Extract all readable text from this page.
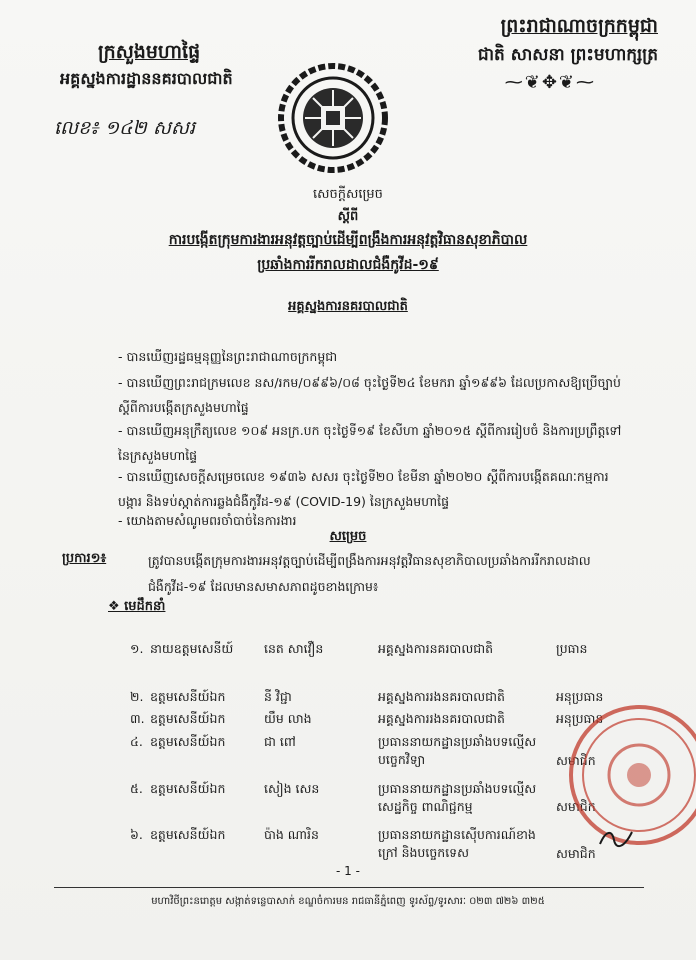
ព្រះរាជាណាចក្រកម្ពុជា
ជាតិ សាសនា ព្រះមហាក្សត្រ
⁓❦✥❦⁓
ក្រសួងមហាផ្ទៃ
អគ្គស្នងការដ្ឋាននគរបាលជាតិ
លេខ៖ ១៤២ សសរ
សេចក្តីសម្រេច
ស្តីពី
ការបង្កើតក្រុមការងារអនុវត្តច្បាប់ដើម្បីពង្រឹងការអនុវត្តវិធានសុខាភិបាល
ប្រឆាំងការរីករាលដាលជំងឺកូវីដ-១៩
អគ្គស្នងការនគរបាលជាតិ
- បានឃើញរដ្ឋធម្មនុញ្ញនៃព្រះរាជាណាចក្រកម្ពុជា
- បានឃើញព្រះរាជក្រមលេខ នស/រកម/០៩៩៦/០៨ ចុះថ្ងៃទី២៤ ខែមករា ឆ្នាំ១៩៩៦ ដែលប្រកាសឱ្យប្រើច្បាប់ ស្តីពីការបង្កើតក្រសួងមហាផ្ទៃ
- បានឃើញអនុក្រឹត្យលេខ ១០៩ អនក្រ.បក ចុះថ្ងៃទី១៩ ខែសីហា ឆ្នាំ២០១៥ ស្តីពីការរៀបចំ និងការប្រព្រឹត្តទៅនៃក្រសួងមហាផ្ទៃ
- បានឃើញសេចក្តីសម្រេចលេខ ១៩៣៦ សសរ ចុះថ្ងៃទី២០ ខែមីនា ឆ្នាំ២០២០ ស្តីពីការបង្កើតគណៈកម្មការបង្ការ និងទប់ស្កាត់ការឆ្លងជំងឺកូវីដ-១៩ (COVID-19) នៃក្រសួងមហាផ្ទៃ
- យោងតាមសំណូមពរចាំបាច់នៃការងារ
សម្រេច
ប្រការ១៖	ត្រូវបានបង្កើតក្រុមការងារអនុវត្តច្បាប់ដើម្បីពង្រឹងការអនុវត្តវិធានសុខាភិបាលប្រឆាំងការរីករាលដាលជំងឺកូវីដ-១៩ ដែលមានសមាសភាពដូចខាងក្រោម៖
❖ មេដឹកនាំ
១. នាយឧត្តមសេនីយ៍ នេត សាវឿន	អគ្គស្នងការនគរបាលជាតិ	ប្រធាន
២. ឧត្តមសេនីយ៍ឯក	នី វិជ្ជា	អគ្គស្នងការរងនគរបាលជាតិ	អនុប្រធាន
៣. ឧត្តមសេនីយ៍ឯក	យឹម លាង	អគ្គស្នងការរងនគរបាលជាតិ	អនុប្រធាន
៤. ឧត្តមសេនីយ៍ឯក	ជា ពៅ	ប្រធាននាយកដ្ឋានប្រឆាំងបទល្មើសបច្ចេកវិទ្យា	សមាជិក
៥. ឧត្តមសេនីយ៍ឯក	សៀង សេន	ប្រធាននាយកដ្ឋានប្រឆាំងបទល្មើសសេដ្ឋកិច្ច ពាណិជ្ជកម្ម	សមាជិក
៦. ឧត្តមសេនីយ៍ឯក	ប៉ាង ណារិន	ប្រធាននាយកដ្ឋានស៊ើបការណ៍ខាងក្រៅ និងបច្ចេកទេស	សមាជិក
- 1 -
មហាវិថីព្រះនរោត្តម សង្កាត់ទន្លេបាសាក់ ខណ្ឌចំការមន រាជធានីភ្នំពេញ ទូរស័ព្ទ/ទូរសារៈ ០២៣ ៧២៦ ៣២៥
